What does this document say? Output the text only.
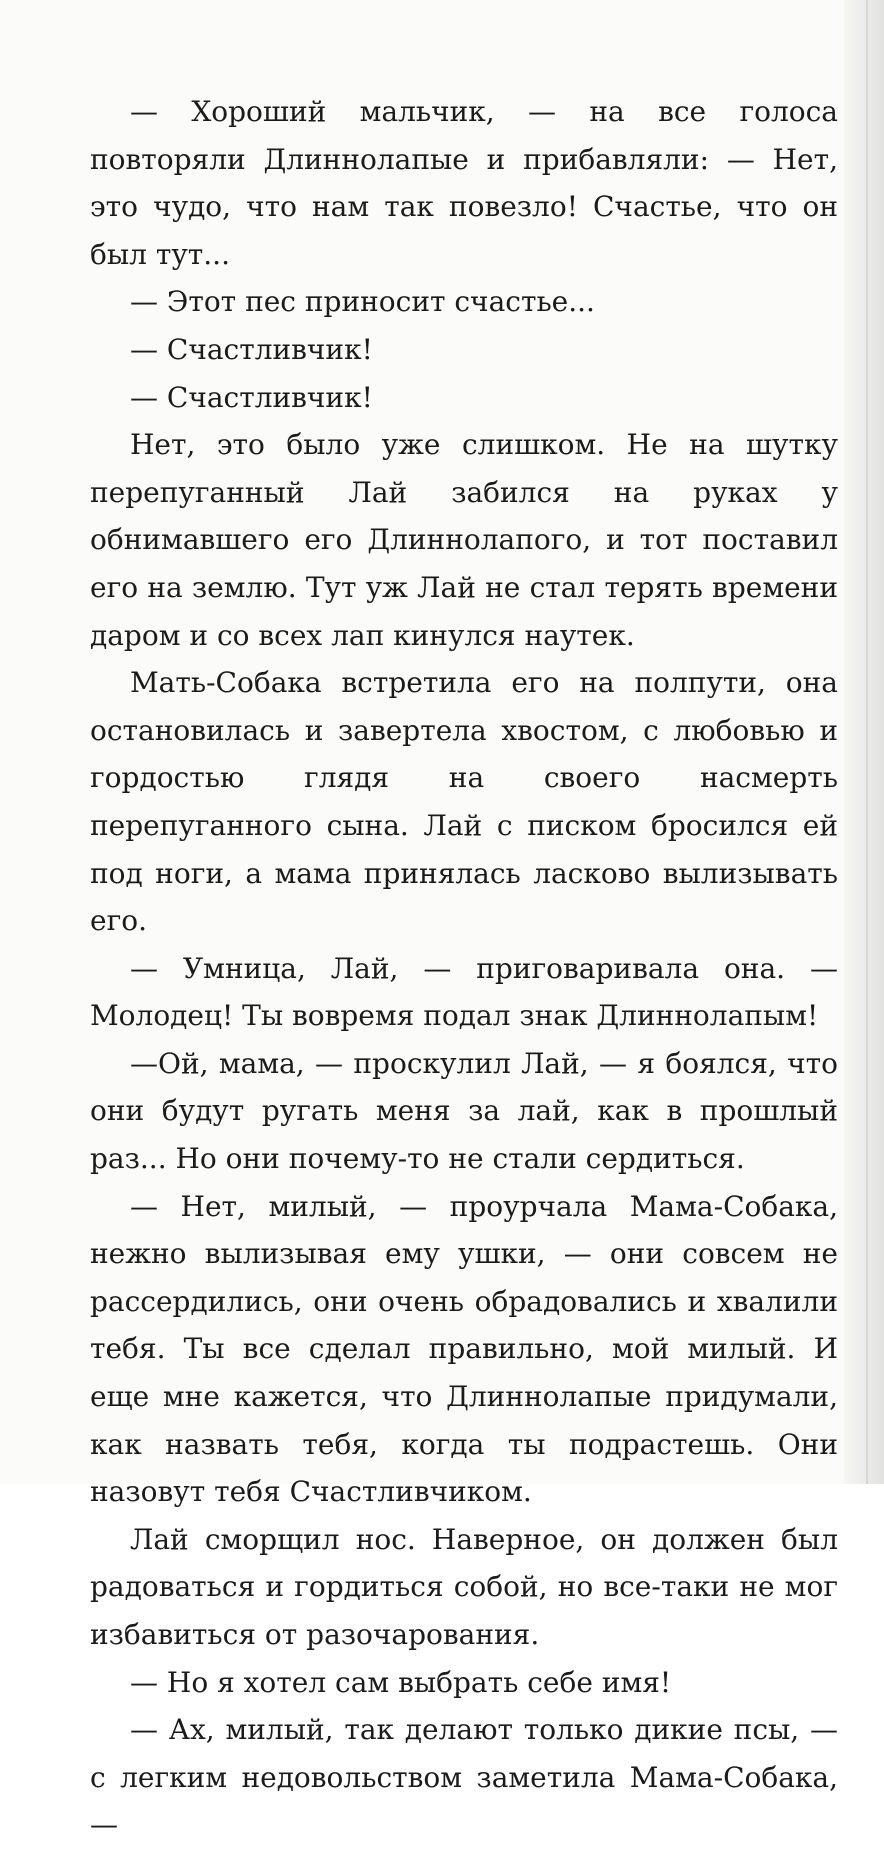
— Хороший мальчик, — на все голоса повторяли Длиннолапые и прибавляли: — Нет, это чудо, что нам так повезло! Счастье, что он был тут...

— Этот пес приносит счастье...

— Счастливчик!

— Счастливчик!

Нет, это было уже слишком. Не на шутку перепуганный Лай забился на руках у обнимавшего его Длиннолапого, и тот поставил его на землю. Тут уж Лай не стал терять времени даром и со всех лап кинулся наутек.

Мать-Собака встретила его на полпути, она остановилась и завертела хвостом, с любовью и гордостью глядя на своего насмерть перепуганного сына. Лай с писком бросился ей под ноги, а мама принялась ласково вылизывать его.

— Умница, Лай, — приговаривала она. — Молодец! Ты вовремя подал знак Длиннолапым!

—Ой, мама, — проскулил Лай, — я боялся, что они будут ругать меня за лай, как в прошлый раз... Но они почему-то не стали сердиться.

— Нет, милый, — проурчала Мама-Собака, нежно вылизывая ему ушки, — они совсем не рассердились, они очень обрадовались и хвалили тебя. Ты все сделал правильно, мой милый. И еще мне кажется, что Длиннолапые придумали, как назвать тебя, когда ты подрастешь. Они назовут тебя Счастливчиком.

Лай сморщил нос. Наверное, он должен был радоваться и гордиться собой, но все-таки не мог избавиться от разочарования.

— Но я хотел сам выбрать себе имя!

— Ах, милый, так делают только дикие псы, — с легким недовольством заметила Мама-Собака, —
